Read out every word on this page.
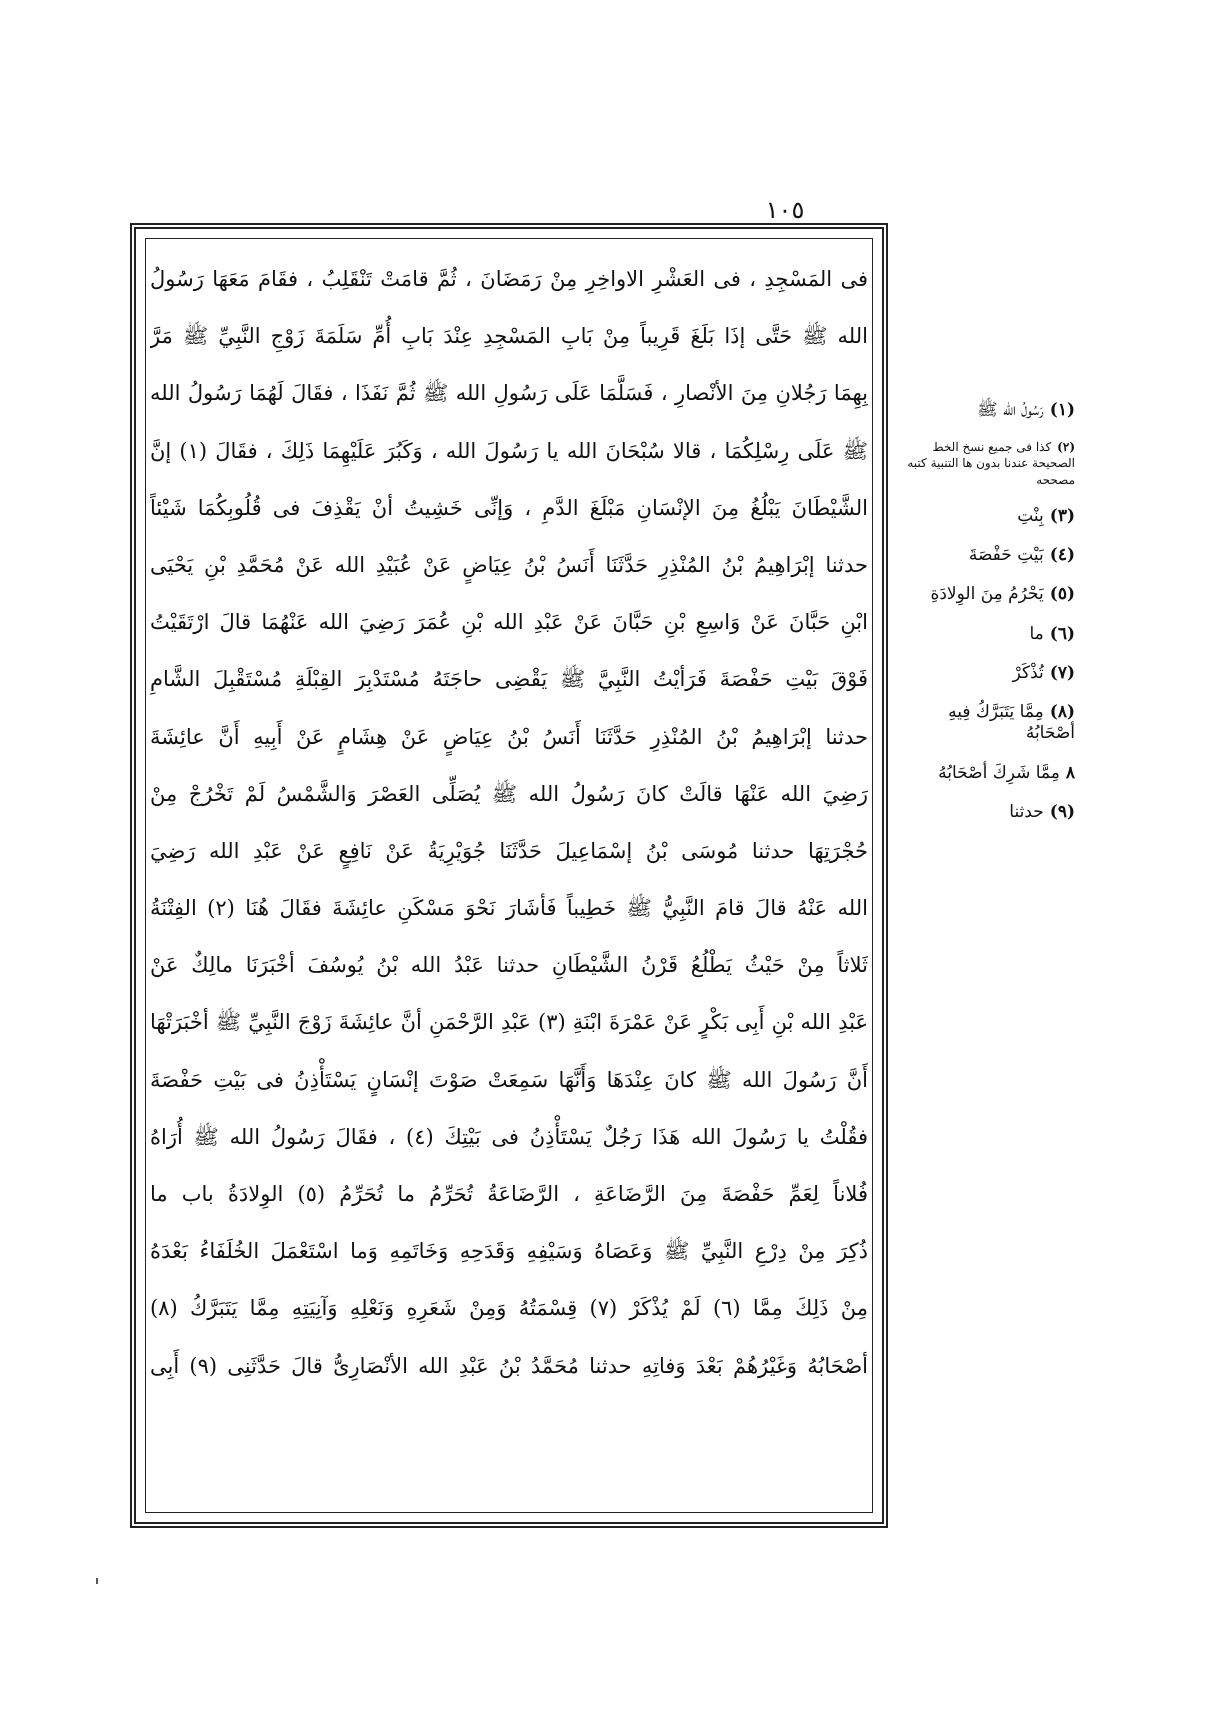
١٠٥
فى المَسْجِدِ ، فى العَشْرِ الاواخِرِ مِنْ رَمَضَانَ ، ثُمَّ قامَتْ تَنْقَلِبُ ، فقَامَ مَعَهَا رَسُولُ
الله ﷺ حَتَّى إذَا بَلَغَ قَرِيباً مِنْ بَابِ المَسْجِدِ عِنْدَ بَابِ أُمِّ سَلَمَةَ زَوْجِ النَّبِيِّ ﷺ مَرَّ
بِهِمَا رَجُلانِ مِنَ الأنْصارِ ، فَسَلَّمَا عَلَى رَسُولِ الله ﷺ ثُمَّ نَفَذَا ، فقَالَ لَهُمَا رَسُولُ الله
ﷺ عَلَى رِسْلِكُمَا ، قالا سُبْحَانَ الله يا رَسُولَ الله ، وَكَبُرَ عَلَيْهِمَا ذَلِكَ ، فقَالَ (١) إنَّ
الشَّيْطَانَ يَبْلُغُ مِنَ الإنْسَانِ مَبْلَغَ الدَّمِ ، وَإنِّى خَشِيتُ أنْ يَقْذِفَ فى قُلُوبِكُمَا شَيْئاً
حدثنا إبْرَاهِيمُ بْنُ المُنْذِرِ حَدَّثَنَا أَنَسُ بْنُ عِيَاضٍ عَنْ عُبَيْدِ الله عَنْ مُحَمَّدِ بْنِ يَحْيَى
ابْنِ حَبَّانَ عَنْ وَاسِعِ بْنِ حَبَّانَ عَنْ عَبْدِ الله بْنِ عُمَرَ رَضِيَ الله عَنْهُمَا قالَ ارْتَقَيْتُ
فَوْقَ بَيْتِ حَفْصَةَ فَرَأيْتُ النَّبِيَّ ﷺ يَقْضِى حاجَتَهُ مُسْتَدْبِرَ القِبْلَةِ مُسْتَقْبِلَ الشَّامِ
حدثنا إبْرَاهِيمُ بْنُ المُنْذِرِ حَدَّثَنَا أَنَسُ بْنُ عِيَاضٍ عَنْ هِشَامٍ عَنْ أَبِيهِ أَنَّ عائِشَةَ
رَضِيَ الله عَنْهَا قالَتْ كانَ رَسُولُ الله ﷺ يُصَلِّى العَصْرَ وَالشَّمْسُ لَمْ تَخْرُجْ مِنْ
حُجْرَتِهَا حدثنا مُوسَى بْنُ إسْمَاعِيلَ حَدَّثَنَا جُوَيْرِيَةُ عَنْ نَافِعٍ عَنْ عَبْدِ الله رَضِيَ
الله عَنْهُ قالَ قامَ النَّبِيُّ ﷺ خَطِيباً فَأشَارَ نَحْوَ مَسْكَنِ عائِشَةَ فقَالَ هُنَا (٢) الفِتْنَةُ
ثَلاثاً مِنْ حَيْثُ يَطْلُعُ قَرْنُ الشَّيْطَانِ حدثنا عَبْدُ الله بْنُ يُوسُفَ أخْبَرَنَا مالِكٌ عَنْ
عَبْدِ الله بْنِ أَبِى بَكْرٍ عَنْ عَمْرَةَ ابْنَةِ (٣) عَبْدِ الرَّحْمَنِ أنَّ عائِشَةَ زَوْجَ النَّبِيِّ ﷺ أخْبَرَتْهَا
أَنَّ رَسُولَ الله ﷺ كانَ عِنْدَهَا وَأَنَّهَا سَمِعَتْ صَوْتَ إنْسَانٍ يَسْتَأْذِنُ فى بَيْتِ حَفْصَةَ
فقُلْتُ يا رَسُولَ الله هَذَا رَجُلٌ يَسْتَأْذِنُ فى بَيْتِكَ (٤) ، فقَالَ رَسُولُ الله ﷺ أُرَاهُ
فُلاناً لِعَمِّ حَفْصَةَ مِنَ الرَّضَاعَةِ ، الرَّضَاعَةُ تُحَرِّمُ ما تُحَرِّمُ (٥) الوِلادَةُ باب ما
ذُكِرَ مِنْ دِرْعِ النَّبِيِّ ﷺ وَعَصَاهُ وَسَيْفِهِ وَقَدَحِهِ وَخَاتَمِهِ وَما اسْتَعْمَلَ الخُلَفَاءُ بَعْدَهُ
مِنْ ذَلِكَ مِمَّا (٦) لَمْ يُذْكَرْ (٧) قِسْمَتُهُ وَمِنْ شَعَرِهِ وَنَعْلِهِ وَآنِيَتِهِ مِمَّا يَتَبَرَّكُ (٨)
أصْحَابُهُ وَغَيْرُهُمْ بَعْدَ وَفاتِهِ حدثنا مُحَمَّدُ بْنُ عَبْدِ الله الأنْصَارِىُّ قالَ حَدَّثَنِى (٩) أَبِى
(١)رَسُولُ الله ﷺ
(٢)كذا فى جميع نسخ الخط الصحيحة عندنا بدون ها التنبية كتبه مصححه
(٣)بِنْتِ
(٤)بَيْتِ حَفْصَةَ
(٥)يَحْرُمُ مِنَ الوِلادَةِ
(٦)ما
(٧)تُذْكَرْ
(٨)مِمَّا يَتَبَرَّكُ فِيهِ أصْحَابُهُ
٨مِمَّا شَرِكَ أصْحَابُهُ
(٩)حدثنا
